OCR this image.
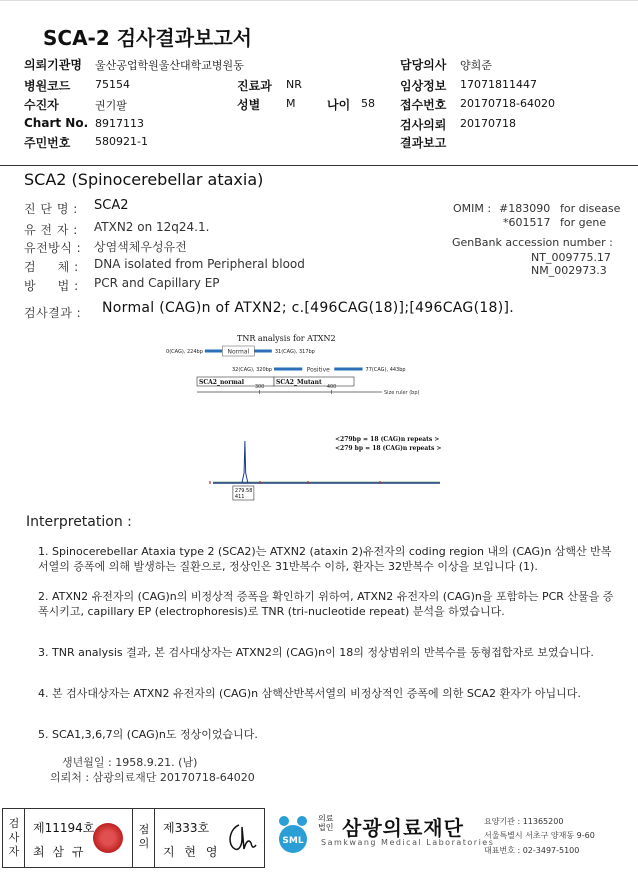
SCA-2 검사결과보고서
의뢰기관명 울산공업학원울산대학교병원동
병원코드 75154	진료과 NR
수진자	권기팔	성별 M	나이 58
Chart No. 8917113
주민번호 580921-1
담당의사 양희준
임상정보 17071811447
접수번호 20170718-64020
검사의뢰 20170718
결과보고
SCA2 (Spinocerebellar ataxia)
진 단 명 : SCA2
유 전 자 : ATXN2 on 12q24.1.
유전방식 : 상염색체우성유전
검     체 : DNA isolated from Peripheral blood
방     법 : PCR and Capillary EP
OMIM : #183090 for disease
*601517 for gene
GenBank accession number :
NT_009775.17
NM_002973.3
검사결과 : Normal (CAG)n of ATXN2; c.[496CAG(18)];[496CAG(18)].
TNR analysis for ATXN2
0(CAG), 224bp	31(CAG), 317bp
Normal
32(CAG), 320bp	77(CAG), 443bp
Positive
SCA2_normal	SCA2_Mutant
300	400
Size ruler (bp)
<279bp = 18 (CAG)n repeats >
<279 bp = 18 (CAG)n repeats >
279.58
411
Interpretation :
1. Spinocerebellar Ataxia type 2 (SCA2)는 ATXN2 (ataxin 2)유전자의 coding region 내의 (CAG)n 삼핵산 반복서열의 증폭에 의해 발생하는 질환으로, 정상인은 31반복수 이하, 환자는 32반복수 이상을 보입니다 (1).
2. ATXN2 유전자의 (CAG)n의 비정상적 증폭을 확인하기 위하여, ATXN2 유전자의 (CAG)n을 포함하는 PCR 산물을 증폭시키고, capillary EP (electrophoresis)로 TNR (tri-nucleotide repeat) 분석을 하였습니다.
3. TNR analysis 결과, 본 검사대상자는 ATXN2의 (CAG)n이 18의 정상범위의 반복수를 동형접합자로 보였습니다.
4. 본 검사대상자는 ATXN2 유전자의 (CAG)n 삼핵산반복서열의 비정상적인 증폭에 의한 SCA2 환자가 아닙니다.
5. SCA1,3,6,7의 (CAG)n도 정상이었습니다.
생년월일 : 1958.9.21. (남)
의뢰처 : 삼광의료재단 20170718-64020
검사자
제11194호
최 삼 규
점의
제333호
지 현 영
SML
의료
법인 삼광의료재단
Samkwang Medical Laboratories
요양기관 : 11365200
서울특별시 서초구 양재동 9-60
대표번호 : 02-3497-5100
